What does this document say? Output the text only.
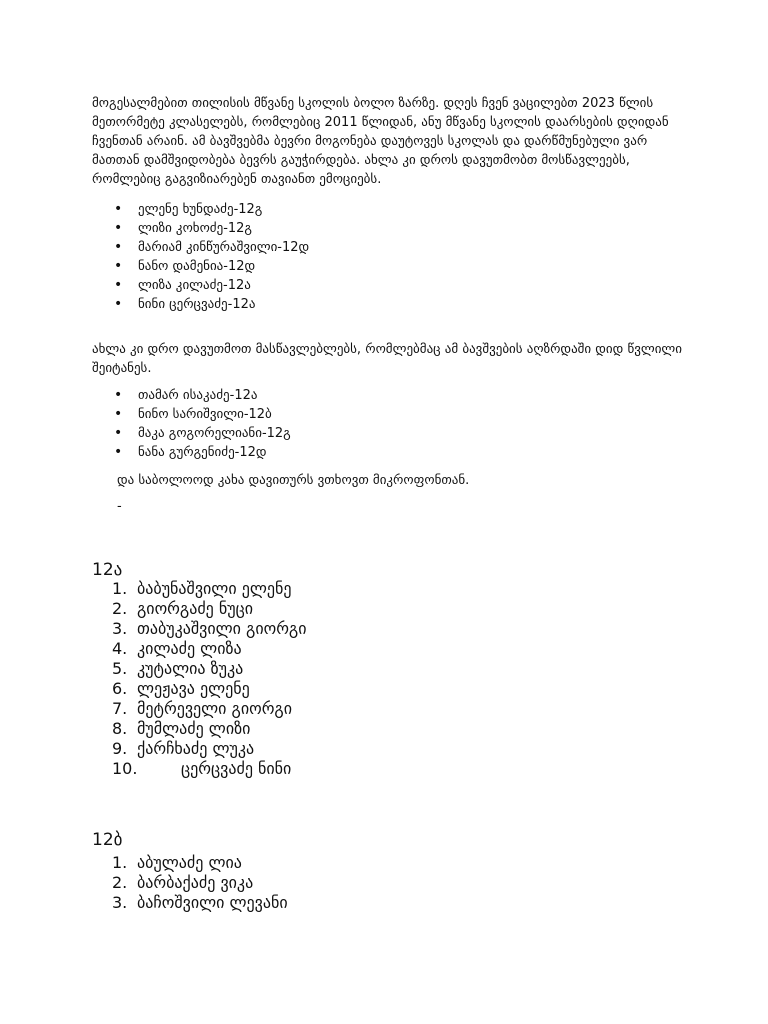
მოგესალმებით თილისის მწვანე სკოლის ბოლო ზარზე. დღეს ჩვენ ვაცილებთ 2023 წლის მეთორმეტე კლასელებს, რომლებიც 2011 წლიდან, ანუ მწვანე სკოლის დაარსების დღიდან ჩვენთან არაინ. ამ ბავშვებმა ბევრი მოგონება დაუტოვეს სკოლას და დარწმუნებული ვარ მათთან დამშვიდობება ბევრს გაუჭირდება. ახლა კი დროს დავუთმობთ მოსწავლეებს, რომლებიც გაგვიზიარებენ თავიანთ ემოციებს.

• ელენე ხუნდაძე-12გ
• ლიზი კოხოძე-12გ
• მარიამ კინწურაშვილი-12დ
• ნანო დამენია-12დ
• ლიზა კილაძე-12ა
• ნინი ცერცვაძე-12ა

ახლა კი დრო დავუთმოთ მასწავლებლებს, რომლებმაც ამ ბავშვების აღზრდაში დიდ წვლილი შეიტანეს.

• თამარ ისაკაძე-12ა
• ნინო სარიშვილი-12ბ
• მაკა გოგორელიანი-12გ
• ნანა გურგენიძე-12დ

და საბოლოოდ კახა დავითურს ვთხოვთ მიკროფონთან.

-
12ა
1. ბაბუნაშვილი ელენე
2. გიორგაძე ნუცი
3. თაბუკაშვილი გიორგი
4. კილაძე ლიზა
5. კუტალია ზუკა
6. ლეჟავა ელენე
7. მეტრეველი გიორგი
8. მუმლაძე ლიზი
9. ქარჩხაძე ლუკა
10.	ცერცვაძე ნინი
12ბ
1. აბულაძე ლია
2. ბარბაქაძე ვიკა
3. ბაჩოშვილი ლევანი
